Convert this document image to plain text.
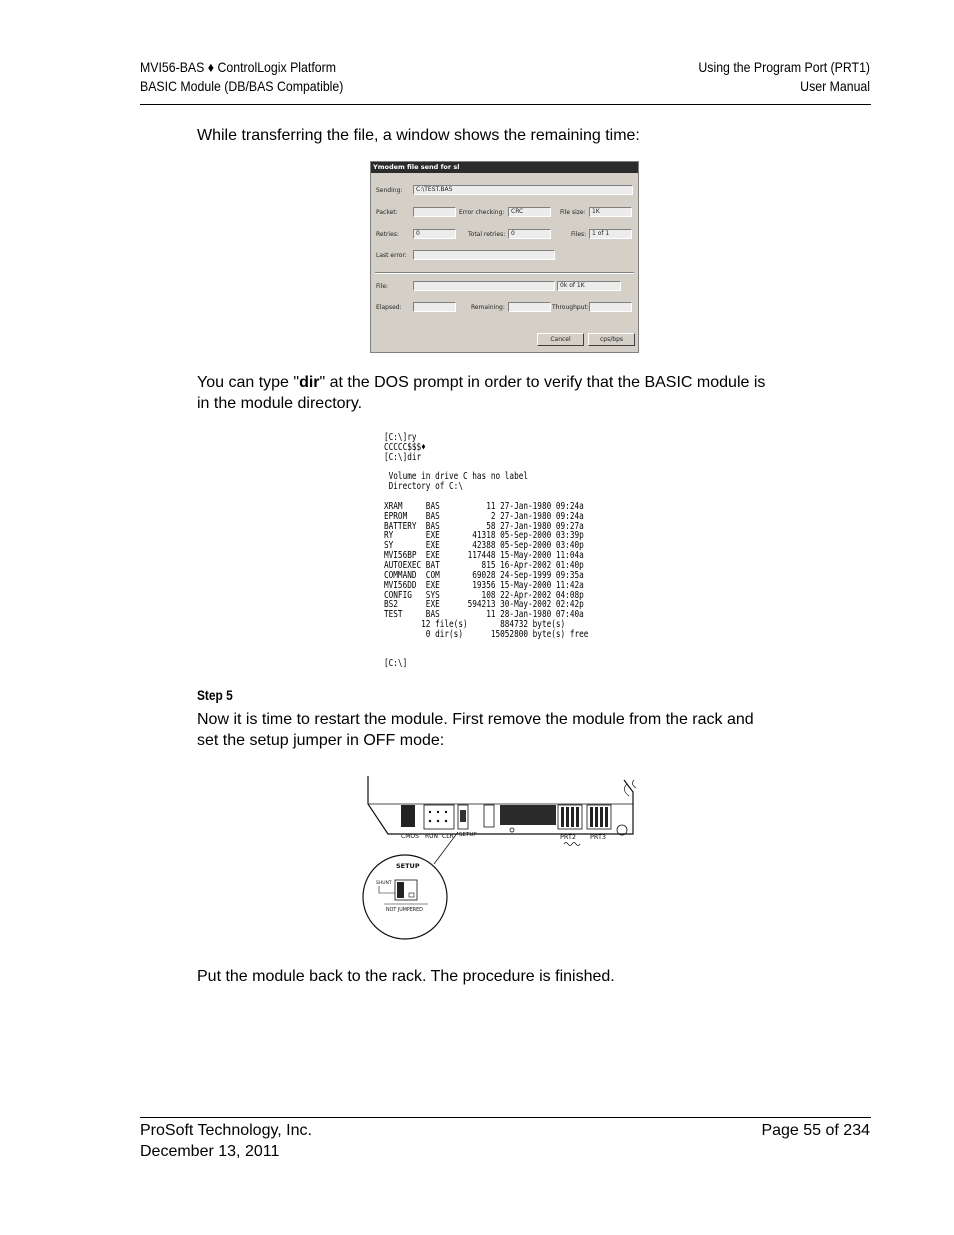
MVI56-BAS ♦ ControlLogix Platform
BASIC Module (DB/BAS Compatible)
Using the Program Port (PRT1)
User Manual
While transferring the file, a window shows the remaining time:
Ymodem file send for sl
Sending:	C:\TEST.BAS
Packet:	Error checking:	CRC	File size:	1K
Retries:	0	Total retries: 0	Files: 1 of 1
Last error:
File:	0k of 1K
Elapsed:	Remaining:	Throughput:
Cancel	cps/bps
You can type "dir" at the DOS prompt in order to verify that the BASIC module is
in the module directory.
[C:\]ry
CCCCC$$$♦
[C:\]dir

Volume in drive C has no label
Directory of C:\

XRAM     BAS          11 27-Jan-1980 09:24a
EPROM    BAS           2 27-Jan-1980 09:24a
BATTERY  BAS          58 27-Jan-1980 09:27a
RY       EXE       41318 05-Sep-2000 03:39p
SY       EXE       42388 05-Sep-2000 03:40p
MVI56BP  EXE      117448 15-May-2000 11:04a
AUTOEXEC BAT         815 16-Apr-2002 01:40p
COMMAND  COM       69028 24-Sep-1999 09:35a
MVI56DD  EXE       19356 15-May-2000 11:42a
CONFIG   SYS         108 22-Apr-2002 04:08p
BS2      EXE      594213 30-May-2002 02:42p
TEST     BAS          11 28-Jan-1980 07:40a
12 file(s)       884732 byte(s)
0 dir(s)      15052800 byte(s) free

[C:\]
Step 5
Now it is time to restart the module. First remove the module from the rack and
set the setup jumper in OFF mode:
CMOS RUN CLR SETUP	PRT2 PRT3
SETUP
SHUNT
NOT JUMPERED
Put the module back to the rack. The procedure is finished.
ProSoft Technology, Inc.
December 13, 2011
Page 55 of 234
